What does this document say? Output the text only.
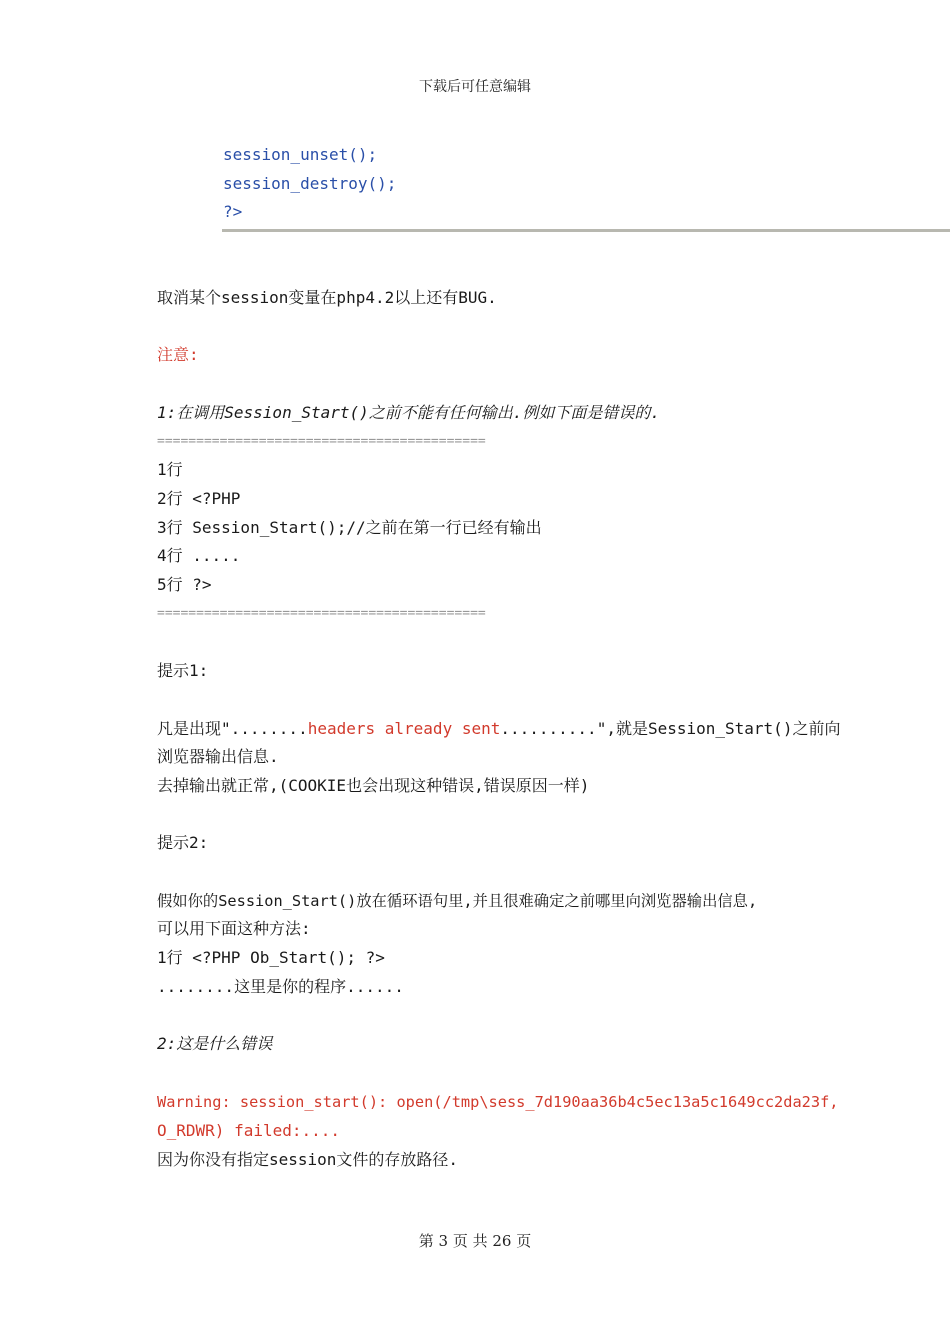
下载后可任意编辑
session_unset();
session_destroy();
?>
取消某个session变量在php4.2以上还有BUG.
注意:
1:在调用Session_Start()之前不能有任何输出.例如下面是错误的.
==========================================
1行
2行 <?PHP
3行 Session_Start();//之前在第一行已经有输出
4行 .....
5行 ?>
==========================================
提示1:
凡是出现"........headers already sent..........",就是Session_Start()之前向
浏览器输出信息.
去掉输出就正常,(COOKIE也会出现这种错误,错误原因一样)
提示2:
假如你的Session_Start()放在循环语句里,并且很难确定之前哪里向浏览器输出信息,
可以用下面这种方法:
1行 <?PHP Ob_Start(); ?>
........这里是你的程序......
2:这是什么错误
Warning: session_start(): open(/tmp\sess_7d190aa36b4c5ec13a5c1649cc2da23f,
O_RDWR) failed:....
因为你没有指定session文件的存放路径.
第 3 页 共 26 页
